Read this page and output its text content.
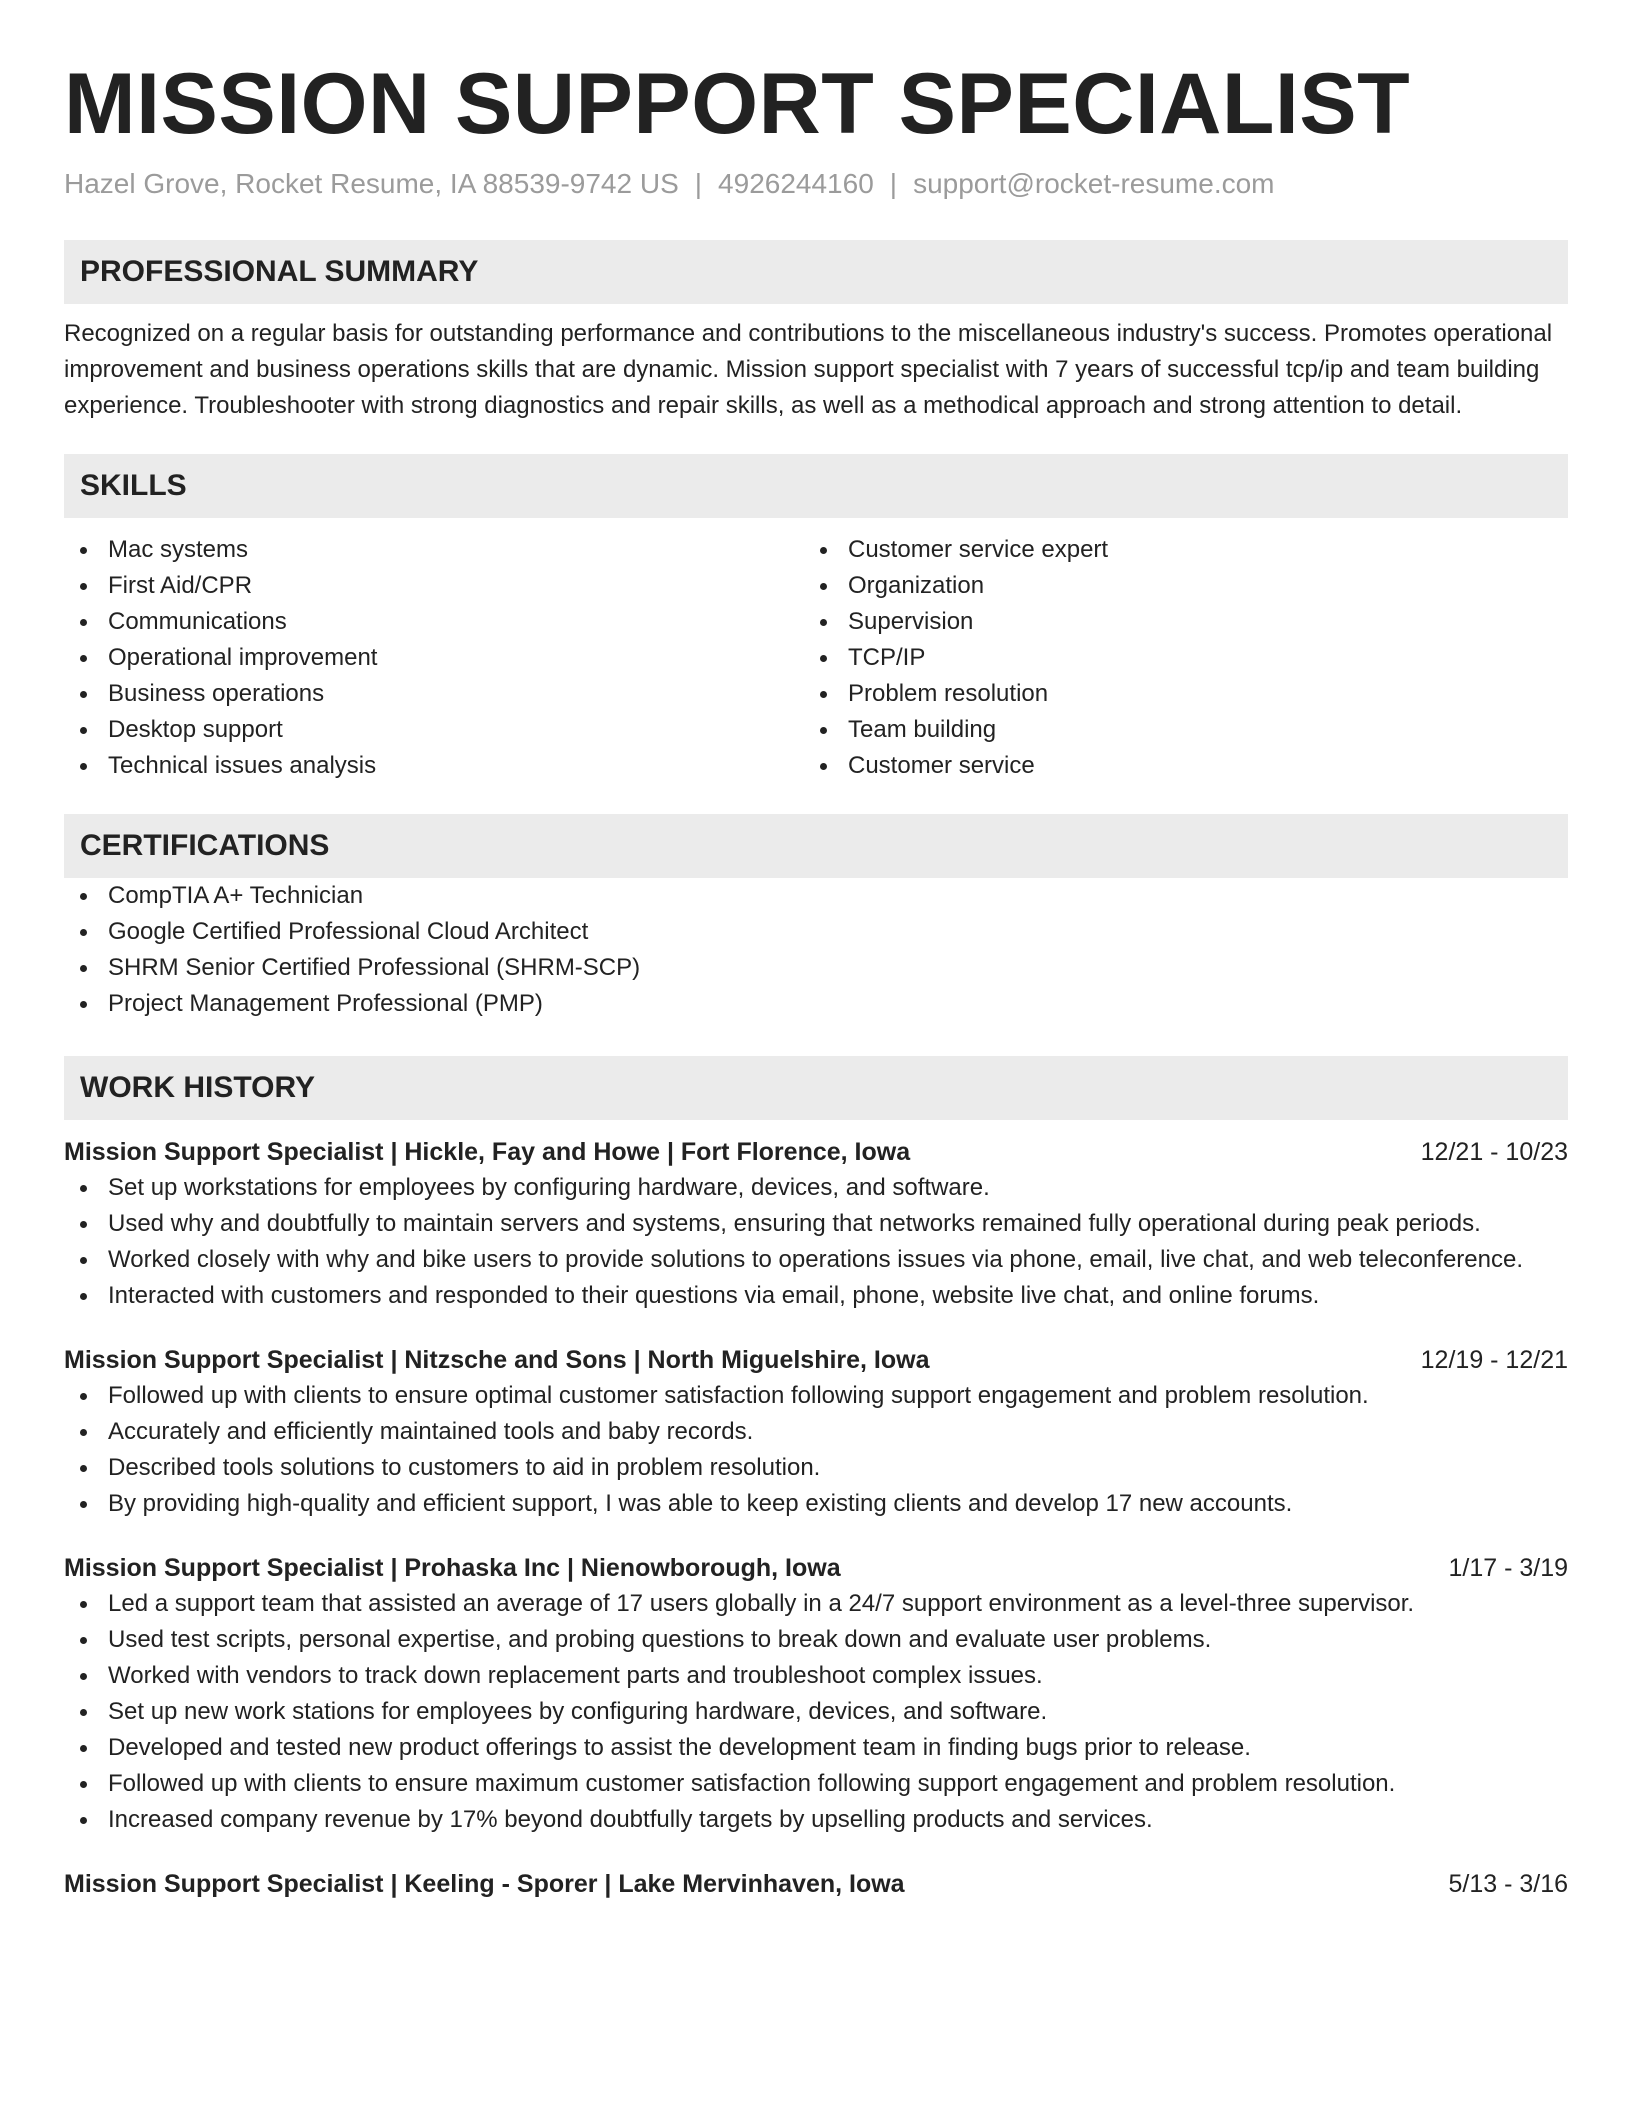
MISSION SUPPORT SPECIALIST
Hazel Grove, Rocket Resume, IA 88539-9742 US | 4926244160 | support@rocket-resume.com
PROFESSIONAL SUMMARY

Recognized on a regular basis for outstanding performance and contributions to the miscellaneous industry's success. Promotes operational improvement and business operations skills that are dynamic. Mission support specialist with 7 years of successful tcp/ip and team building experience. Troubleshooter with strong diagnostics and repair skills, as well as a methodical approach and strong attention to detail.

SKILLS
Mac systems
First Aid/CPR
Communications
Operational improvement
Business operations
Desktop support
Technical issues analysis
Customer service expert
Organization
Supervision
TCP/IP
Problem resolution
Team building
Customer service
CERTIFICATIONS
CompTIA A+ Technician
Google Certified Professional Cloud Architect
SHRM Senior Certified Professional (SHRM-SCP)
Project Management Professional (PMP)
WORK HISTORY
Mission Support Specialist | Hickle, Fay and Howe | Fort Florence, Iowa	12/21 - 10/23
Set up workstations for employees by configuring hardware, devices, and software.
Used why and doubtfully to maintain servers and systems, ensuring that networks remained fully operational during peak periods.
Worked closely with why and bike users to provide solutions to operations issues via phone, email, live chat, and web teleconference.
Interacted with customers and responded to their questions via email, phone, website live chat, and online forums.
Mission Support Specialist | Nitzsche and Sons | North Miguelshire, Iowa	12/19 - 12/21
Followed up with clients to ensure optimal customer satisfaction following support engagement and problem resolution.
Accurately and efficiently maintained tools and baby records.
Described tools solutions to customers to aid in problem resolution.
By providing high-quality and efficient support, I was able to keep existing clients and develop 17 new accounts.
Mission Support Specialist | Prohaska Inc | Nienowborough, Iowa	1/17 - 3/19
Led a support team that assisted an average of 17 users globally in a 24/7 support environment as a level-three supervisor.
Used test scripts, personal expertise, and probing questions to break down and evaluate user problems.
Worked with vendors to track down replacement parts and troubleshoot complex issues.
Set up new work stations for employees by configuring hardware, devices, and software.
Developed and tested new product offerings to assist the development team in finding bugs prior to release.
Followed up with clients to ensure maximum customer satisfaction following support engagement and problem resolution.
Increased company revenue by 17% beyond doubtfully targets by upselling products and services.
Mission Support Specialist | Keeling - Sporer | Lake Mervinhaven, Iowa	5/13 - 3/16
